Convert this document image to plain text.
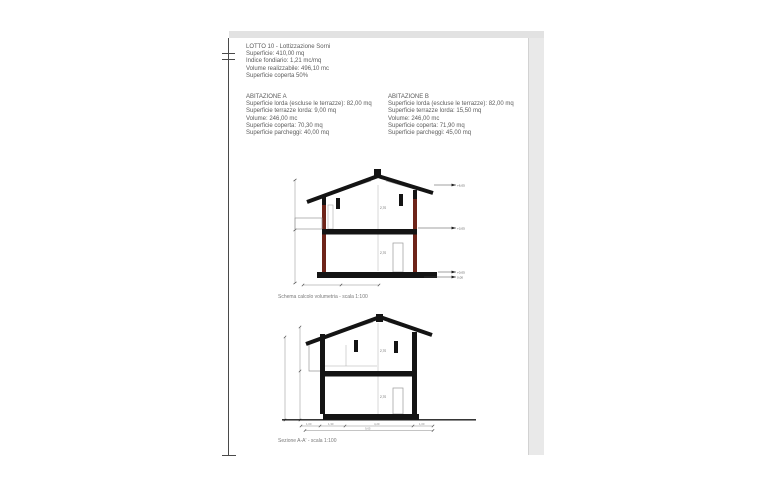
LOTTO 10 - Lottizzazione Sorni
Superficie: 410,00 mq
Indice fondiario: 1,21 mc/mq
Volume realizzabile: 496,10 mc
Superficie coperta 50%
ABITAZIONE A
Superficie lorda (escluse le terrazze): 82,00 mq
Superficie terrazze lorda: 9,00 mq
Volume: 246,00 mc
Superficie coperta: 70,30 mq
Superficie parcheggi: 40,00 mq
ABITAZIONE B
Superficie lorda (escluse le terrazze): 82,00 mq
Superficie terrazze lorda: 15,50 mq
Volume: 246,00 mc
Superficie coperta: 71,90 mq
Superficie parcheggi: 45,00 mq
2,70
2,70
+6,05
+3,05
+0,05
0,00
Schema calcolo volumetria - scala 1:100
2,70
2,70
1,00	1,30	4,20	1,00
9,65
Sezione A-A' - scala 1:100
